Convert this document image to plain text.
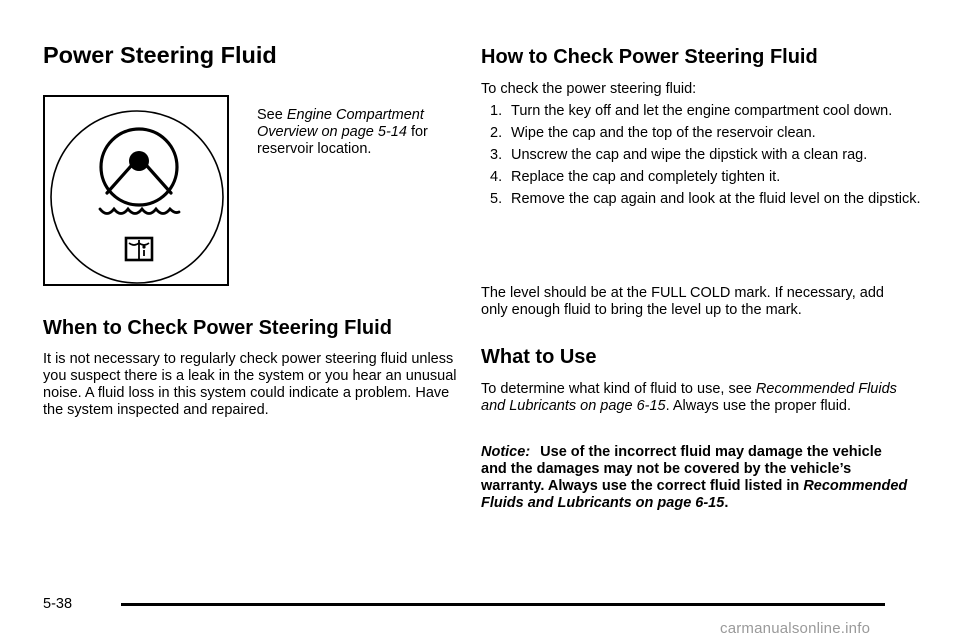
Power Steering Fluid

See Engine Compartment Overview on page 5-14 for reservoir location.

When to Check Power Steering Fluid

It is not necessary to regularly check power steering fluid unless you suspect there is a leak in the system or you hear an unusual noise. A fluid loss in this system could indicate a problem. Have the system inspected and repaired.

How to Check Power Steering Fluid

To check the power steering fluid:

1. Turn the key off and let the engine compartment cool down.
2. Wipe the cap and the top of the reservoir clean.
3. Unscrew the cap and wipe the dipstick with a clean rag.
4. Replace the cap and completely tighten it.
5. Remove the cap again and look at the fluid level on the dipstick.

The level should be at the FULL COLD mark. If necessary, add only enough fluid to bring the level up to the mark.

What to Use

To determine what kind of fluid to use, see Recommended Fluids and Lubricants on page 6-15. Always use the proper fluid.

Notice: Use of the incorrect fluid may damage the vehicle and the damages may not be covered by the vehicle’s warranty. Always use the correct fluid listed in Recommended Fluids and Lubricants on page 6-15.

5-38
carmanualsonline.info
